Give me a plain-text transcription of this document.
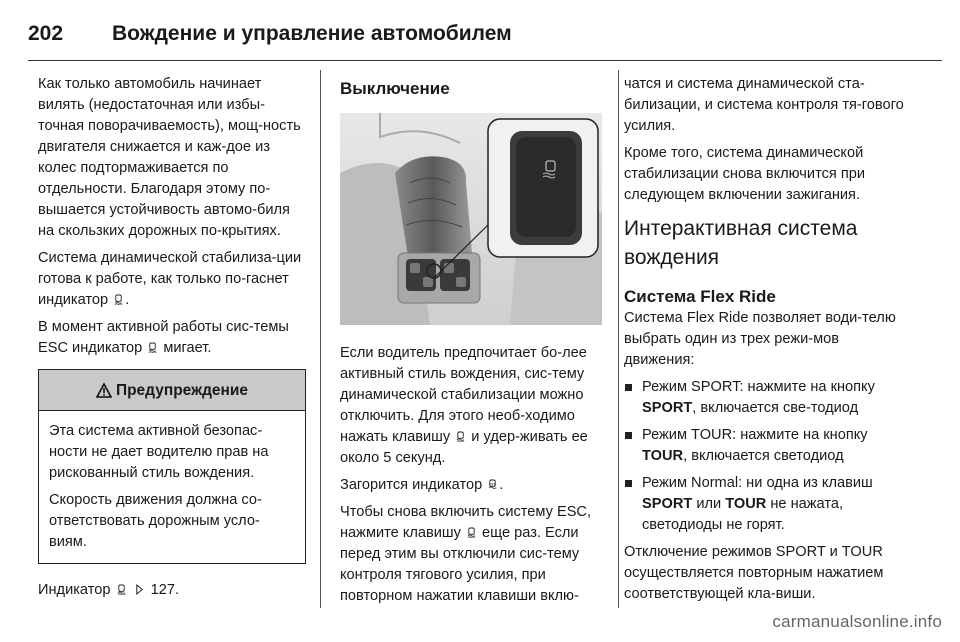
202	Вождение и управление автомобилем

Как только автомобиль начинает вилять (недостаточная или избы-точная поворачиваемость), мощ-ность двигателя снижается и каж-дое из колес подтормаживается по отдельности. Благодаря этому по-вышается устойчивость автомо-биля на скользких дорожных по-крытиях.

Система динамической стабилиза-ции готова к работе, как только по-гаснет индикатор .

В момент активной работы сис-темы ESC индикатор мигает.

Предупреждение

Эта система активной безопас-ности не дает водителю прав на рискованный стиль вождения.

Скорость движения должна со-ответствовать дорожным усло-виям.

Индикатор	127.

Выключение

Если водитель предпочитает бо-лее активный стиль вождения, сис-тему динамической стабилизации можно отключить. Для этого необ-ходимо нажать клавишу и удер-живать ее около 5 секунд.

Загорится индикатор OFF .

Чтобы снова включить систему ESC, нажмите клавишу еще раз. Если перед этим вы отключили сис-тему контроля тягового усилия, при повторном нажатии клавиши вклю-

чатся и система динамической ста-билизации, и система контроля тя-гового усилия.

Кроме того, система динамической стабилизации снова включится при следующем включении зажигания.

Интерактивная система вождения
Система Flex Ride

Система Flex Ride позволяет води-телю выбрать один из трех режи-мов движения:

Режим SPORT: нажмите на кнопку SPORT, включается све-тодиод
Режим TOUR: нажмите на кнопку TOUR, включается светодиод
Режим Normal: ни одна из клавиш SPORT или TOUR не нажата, светодиоды не горят.

Отключение режимов SPORT и TOUR осуществляется повторным нажатием соответствующей кла-виши.

carmanualsonline.info
